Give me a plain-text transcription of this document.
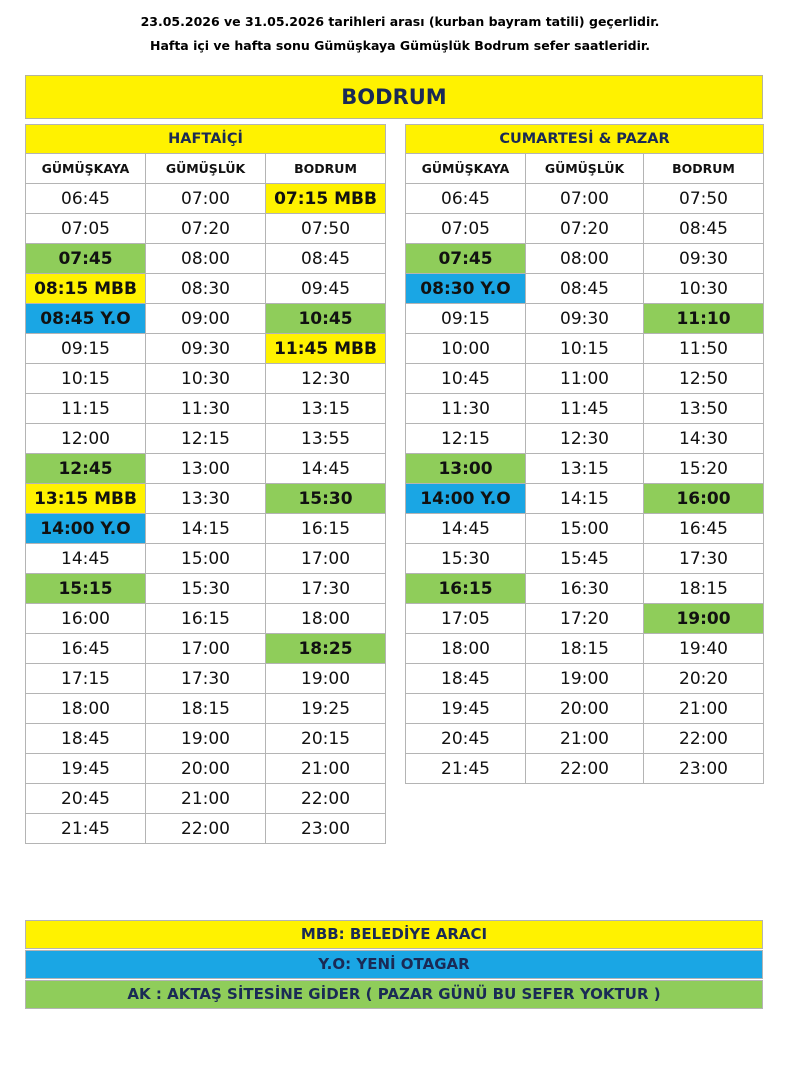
23.05.2026 ve 31.05.2026 tarihleri arası (kurban bayram tatili) geçerlidir.
Hafta içi ve hafta sonu Gümüşkaya Gümüşlük Bodrum sefer saatleridir.
BODRUM
HAFTAİÇİ		
GÜMÜŞKAYA	GÜMÜŞLÜK	BODRUM
06:45	07:00	07:15 MBB
07:05	07:20	07:50
07:45	08:00	08:45
08:15 MBB	08:30	09:45
08:45 Y.O	09:00	10:45
09:15	09:30	11:45 MBB
10:15	10:30	12:30
11:15	11:30	13:15
12:00	12:15	13:55
12:45	13:00	14:45
13:15 MBB	13:30	15:30
14:00 Y.O	14:15	16:15
14:45	15:00	17:00
15:15	15:30	17:30
16:00	16:15	18:00
16:45	17:00	18:25
17:15	17:30	19:00
18:00	18:15	19:25
18:45	19:00	20:15
19:45	20:00	21:00
20:45	21:00	22:00
21:45	22:00	23:00
CUMARTESİ & PAZAR		
GÜMÜŞKAYA	GÜMÜŞLÜK	BODRUM
06:45	07:00	07:50
07:05	07:20	08:45
07:45	08:00	09:30
08:30 Y.O	08:45	10:30
09:15	09:30	11:10
10:00	10:15	11:50
10:45	11:00	12:50
11:30	11:45	13:50
12:15	12:30	14:30
13:00	13:15	15:20
14:00 Y.O	14:15	16:00
14:45	15:00	16:45
15:30	15:45	17:30
16:15	16:30	18:15
17:05	17:20	19:00
18:00	18:15	19:40
18:45	19:00	20:20
19:45	20:00	21:00
20:45	21:00	22:00
21:45	22:00	23:00
MBB: BELEDİYE ARACI
Y.O: YENİ OTAGAR
AK : AKTAŞ SİTESİNE GİDER ( PAZAR GÜNÜ BU SEFER YOKTUR )
